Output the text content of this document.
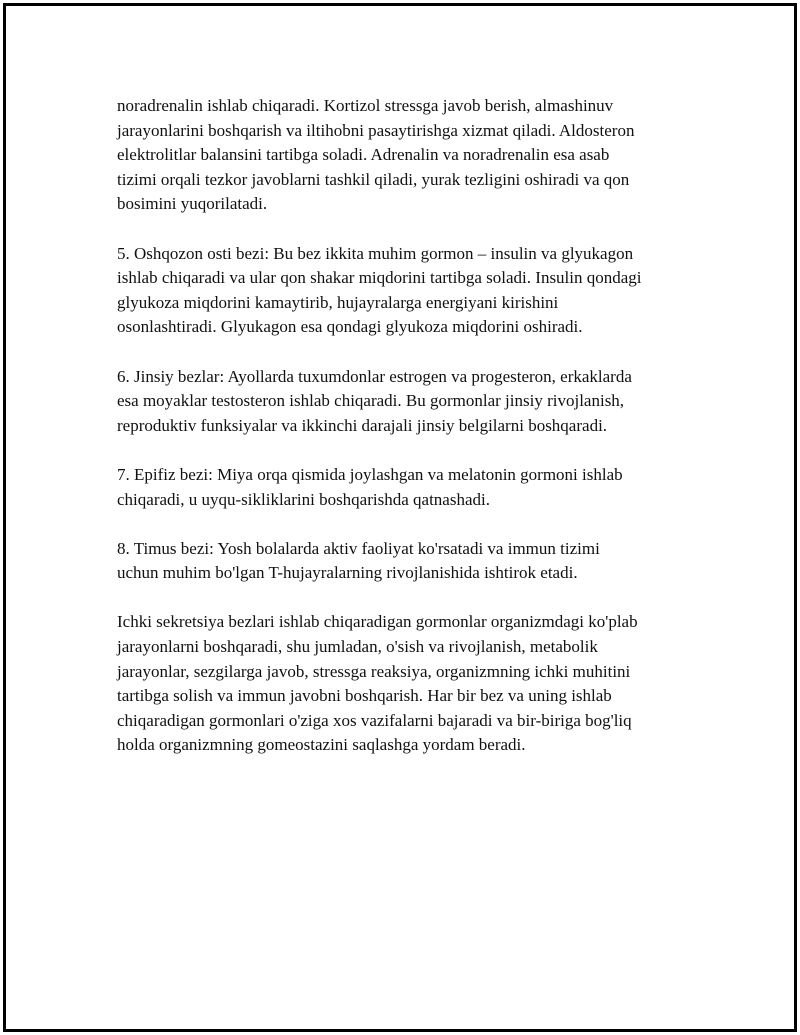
noradrenalin ishlab chiqaradi. Kortizol stressga javob berish, almashinuv
jarayonlarini boshqarish va iltihobni pasaytirishga xizmat qiladi. Aldosteron
elektrolitlar balansini tartibga soladi. Adrenalin va noradrenalin esa asab
tizimi orqali tezkor javoblarni tashkil qiladi, yurak tezligini oshiradi va qon
bosimini yuqorilatadi.

5. Oshqozon osti bezi: Bu bez ikkita muhim gormon – insulin va glyukagon
ishlab chiqaradi va ular qon shakar miqdorini tartibga soladi. Insulin qondagi
glyukoza miqdorini kamaytirib, hujayralarga energiyani kirishini
osonlashtiradi. Glyukagon esa qondagi glyukoza miqdorini oshiradi.

6. Jinsiy bezlar: Ayollarda tuxumdonlar estrogen va progesteron, erkaklarda
esa moyaklar testosteron ishlab chiqaradi. Bu gormonlar jinsiy rivojlanish,
reproduktiv funksiyalar va ikkinchi darajali jinsiy belgilarni boshqaradi.

7. Epifiz bezi: Miya orqa qismida joylashgan va melatonin gormoni ishlab
chiqaradi, u uyqu-sikliklarini boshqarishda qatnashadi.

8. Timus bezi: Yosh bolalarda aktiv faoliyat ko'rsatadi va immun tizimi
uchun muhim bo'lgan T-hujayralarning rivojlanishida ishtirok etadi.

Ichki sekretsiya bezlari ishlab chiqaradigan gormonlar organizmdagi ko'plab
jarayonlarni boshqaradi, shu jumladan, o'sish va rivojlanish, metabolik
jarayonlar, sezgilarga javob, stressga reaksiya, organizmning ichki muhitini
tartibga solish va immun javobni boshqarish. Har bir bez va uning ishlab
chiqaradigan gormonlari o'ziga xos vazifalarni bajaradi va bir-biriga bog'liq
holda organizmning gomeostazini saqlashga yordam beradi.
